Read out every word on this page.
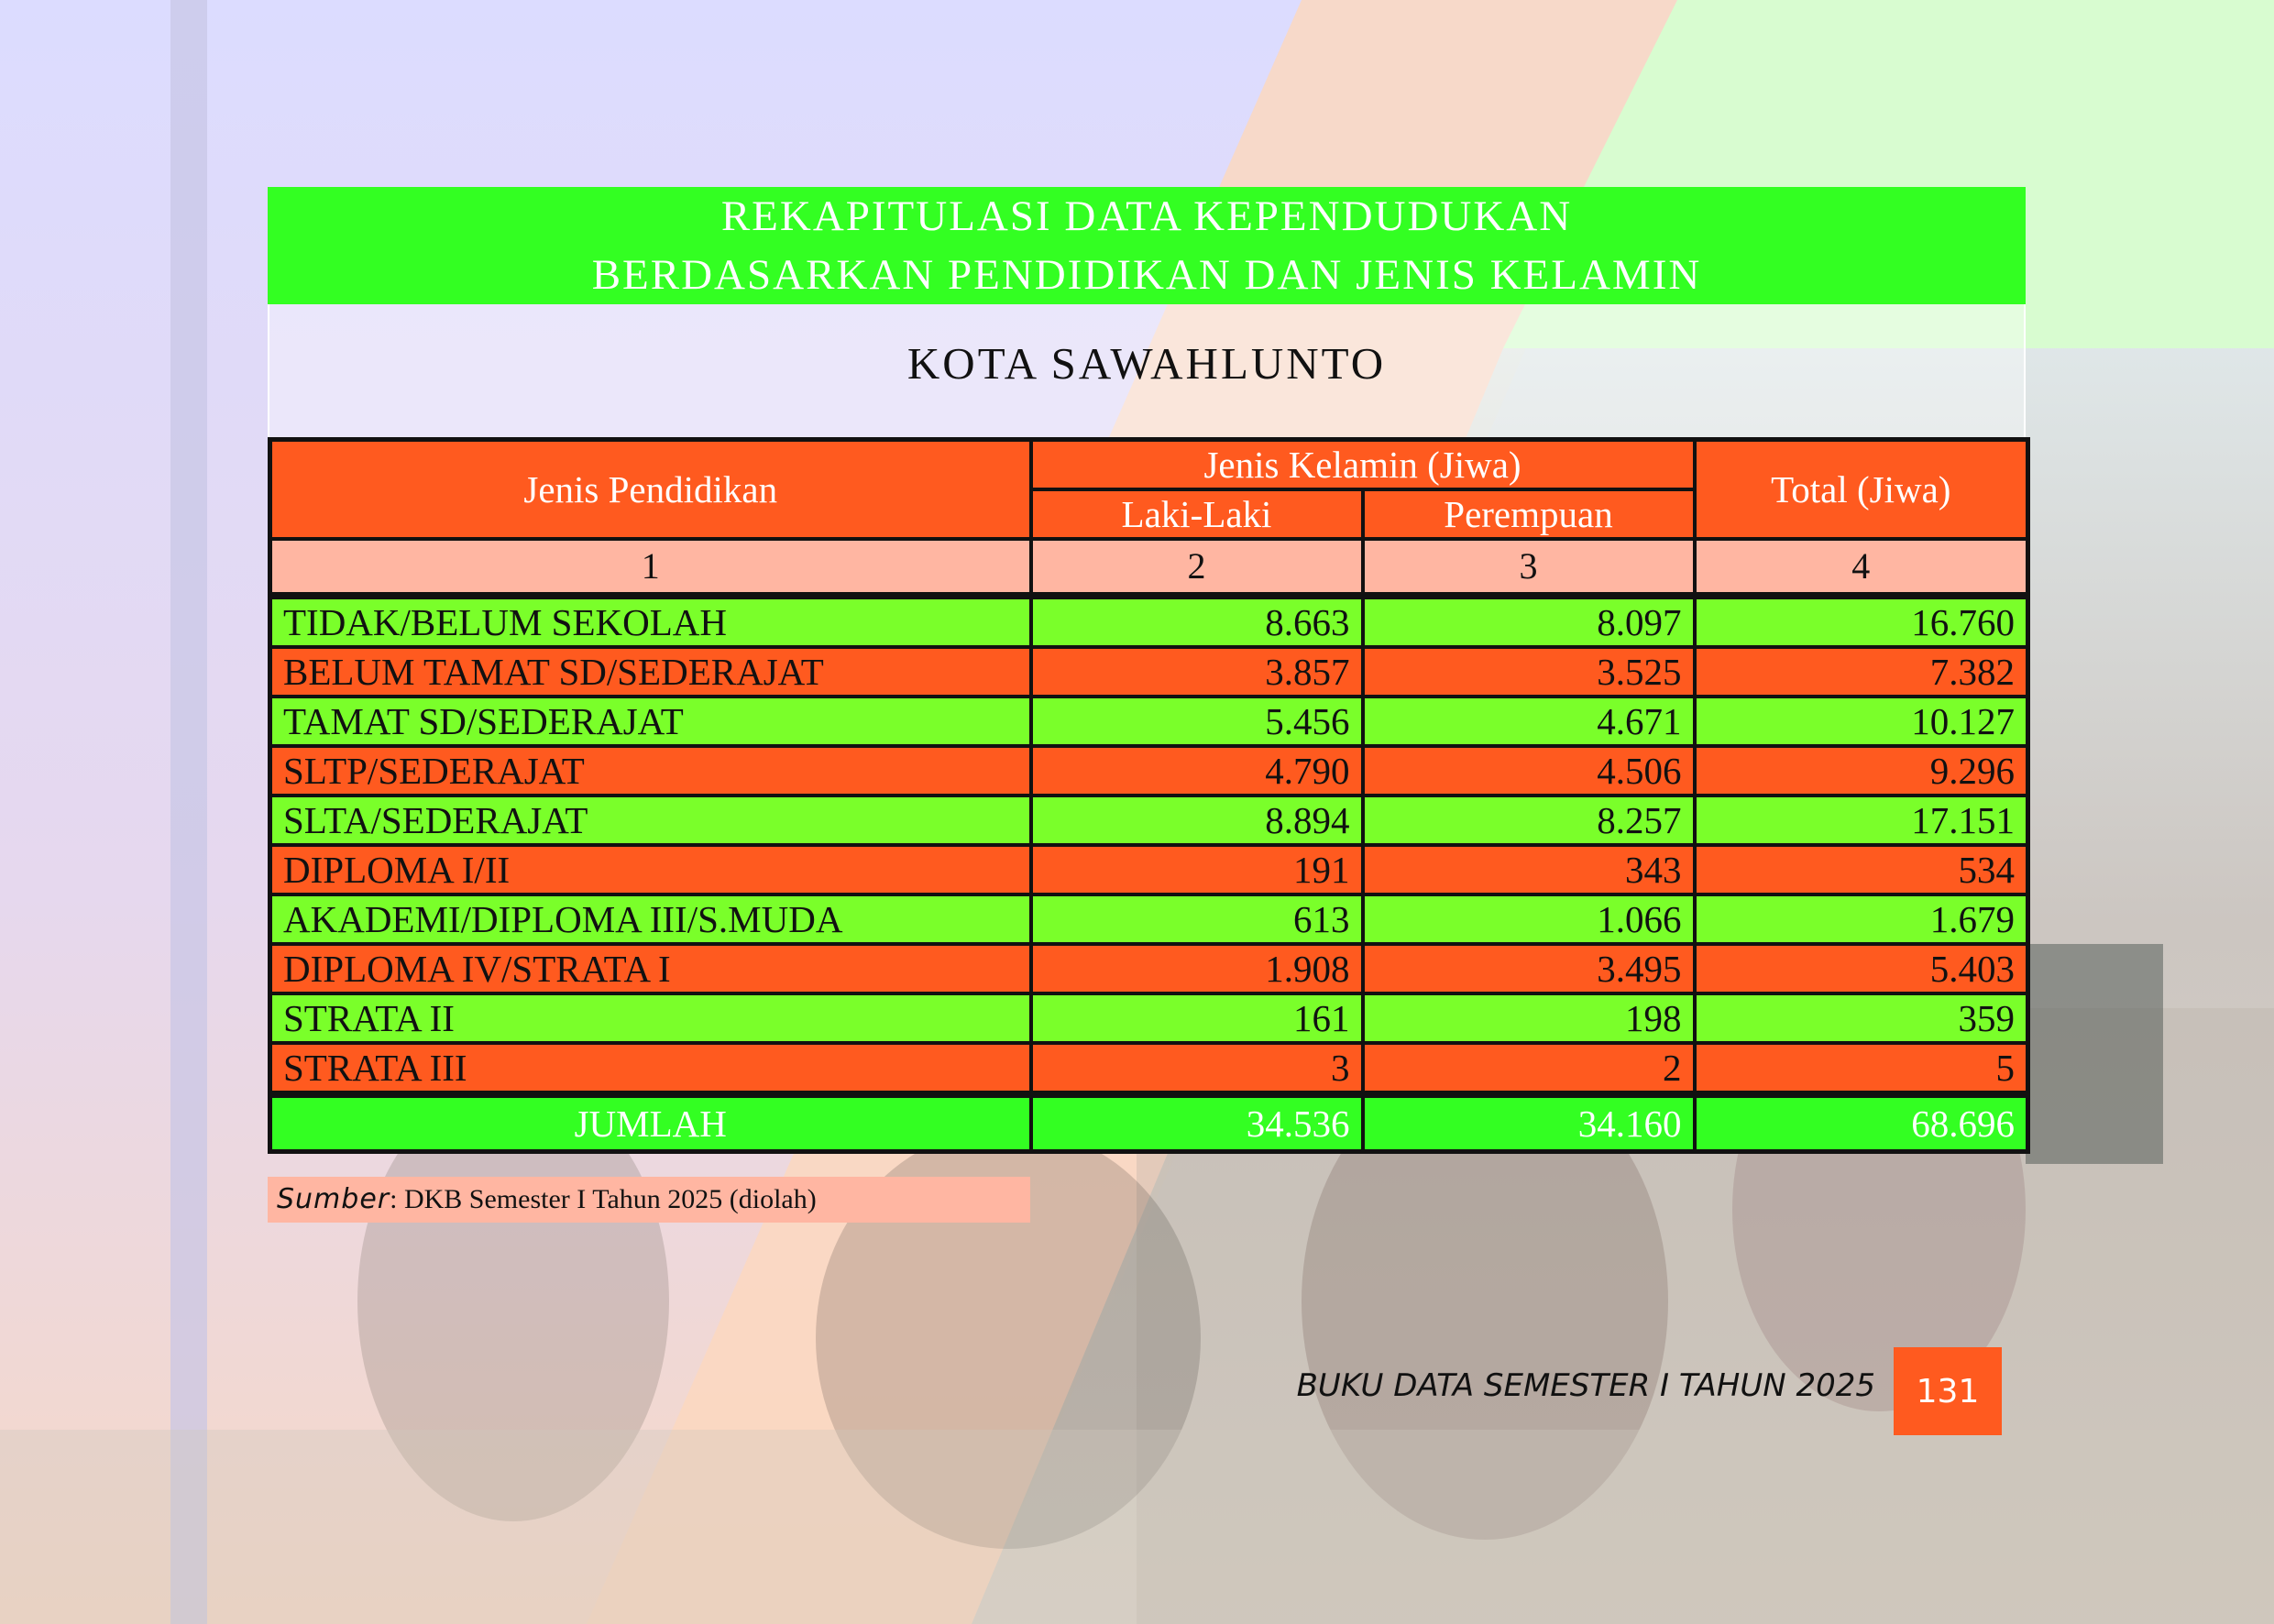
REKAPITULASI DATA KEPENDUDUKAN
BERDASARKAN PENDIDIKAN DAN JENIS KELAMIN
KOTA SAWAHLUNTO
Jenis Pendidikan	Jenis Kelamin (Jiwa)		Total (Jiwa)
	Laki-Laki	Perempuan	
1	2	3	4

TIDAK/BELUM SEKOLAH	8.663	8.097	16.760
BELUM TAMAT SD/SEDERAJAT	3.857	3.525	7.382
TAMAT SD/SEDERAJAT	5.456	4.671	10.127
SLTP/SEDERAJAT	4.790	4.506	9.296
SLTA/SEDERAJAT	8.894	8.257	17.151
DIPLOMA I/II	191	343	534
AKADEMI/DIPLOMA III/S.MUDA	613	1.066	1.679
DIPLOMA IV/STRATA I	1.908	3.495	5.403
STRATA II	161	198	359
STRATA III	3	2	5

JUMLAH	34.536	34.160	68.696
Sumber: DKB Semester I Tahun 2025 (diolah)
BUKU DATA SEMESTER I TAHUN 2025	131
